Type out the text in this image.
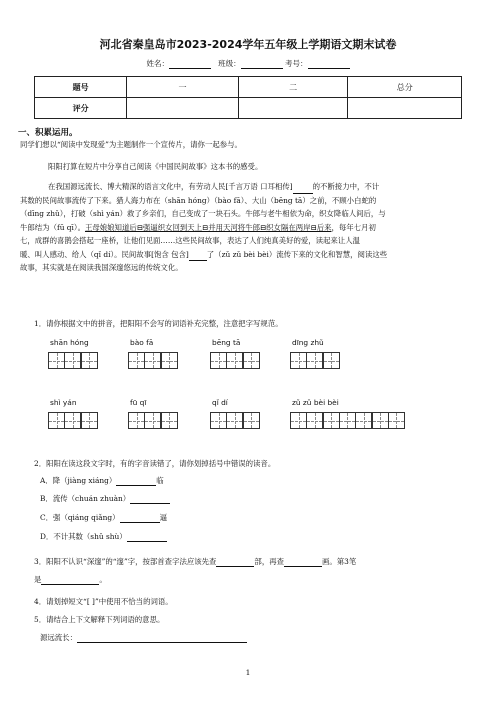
河北省秦皇岛市2023-2024学年五年级上学期语文期末试卷
姓名：	班级：	考号：
题号	一	二	总分
评分			
一、积累运用。
同学们想以“阅读中发现爱”为主题制作一个宣传片，请你一起参与。
阳阳打算在短片中分享自己阅读《中国民间故事》这本书的感受。
在我国源远流长、博大精深的语言文化中，有劳动人民[千言万语 口耳相传]	的不断接力中，不计
其数的民间故事流传了下来。猎人海力布在（shān hóng）（bào fā）、大山（bēng tā）之前，不顾小白蛇的
（dīng zhǔ），打破（shì yán）救了乡亲们，自己变成了一块石头。牛郎与老牛相依为命，织女降临人间后，与
牛郎结为（fū qī）。王母娘娘知道后⊟强逼织女回到天上⊟并用天河将牛郎⊟织女隔在两岸⊟后来，每年七月初
七，成群的喜鹊会搭起一座桥，让他们见面……这些民间故事，表达了人们纯真美好的爱，读起来让人温
暖、叫人感动、给人（qǐ dí）。民间故事[饱含 包含] 了（zǔ zǔ bèi bèi）流传下来的文化和智慧，阅读这些
故事，其实就是在阅读我国深邃悠远的传统文化。
1．请你根据文中的拼音，把阳阳不会写的词语补充完整，注意把字写规范。
shān hóng	bào fā	bēng tā	dīng zhǔ
shì yán	fū qī	qǐ dí	zǔ zǔ bèi bèi
2．阳阳在读这段文字时，有的字音读错了，请你划掉括号中错误的读音。
A．降（jiàng xiáng）	临
B．流传（chuán zhuàn）
C．强（qiáng qiǎng）	逼
D．不计其数（shǔ shù）
3．阳阳不认识“深邃”的“邃”字，按部首查字法应该先查	部，再查	画。第3笔
是	。
4．请划掉短文“[ ]”中使用不恰当的词语。
5．请结合上下文解释下列词语的意思。
源远流长：
1
